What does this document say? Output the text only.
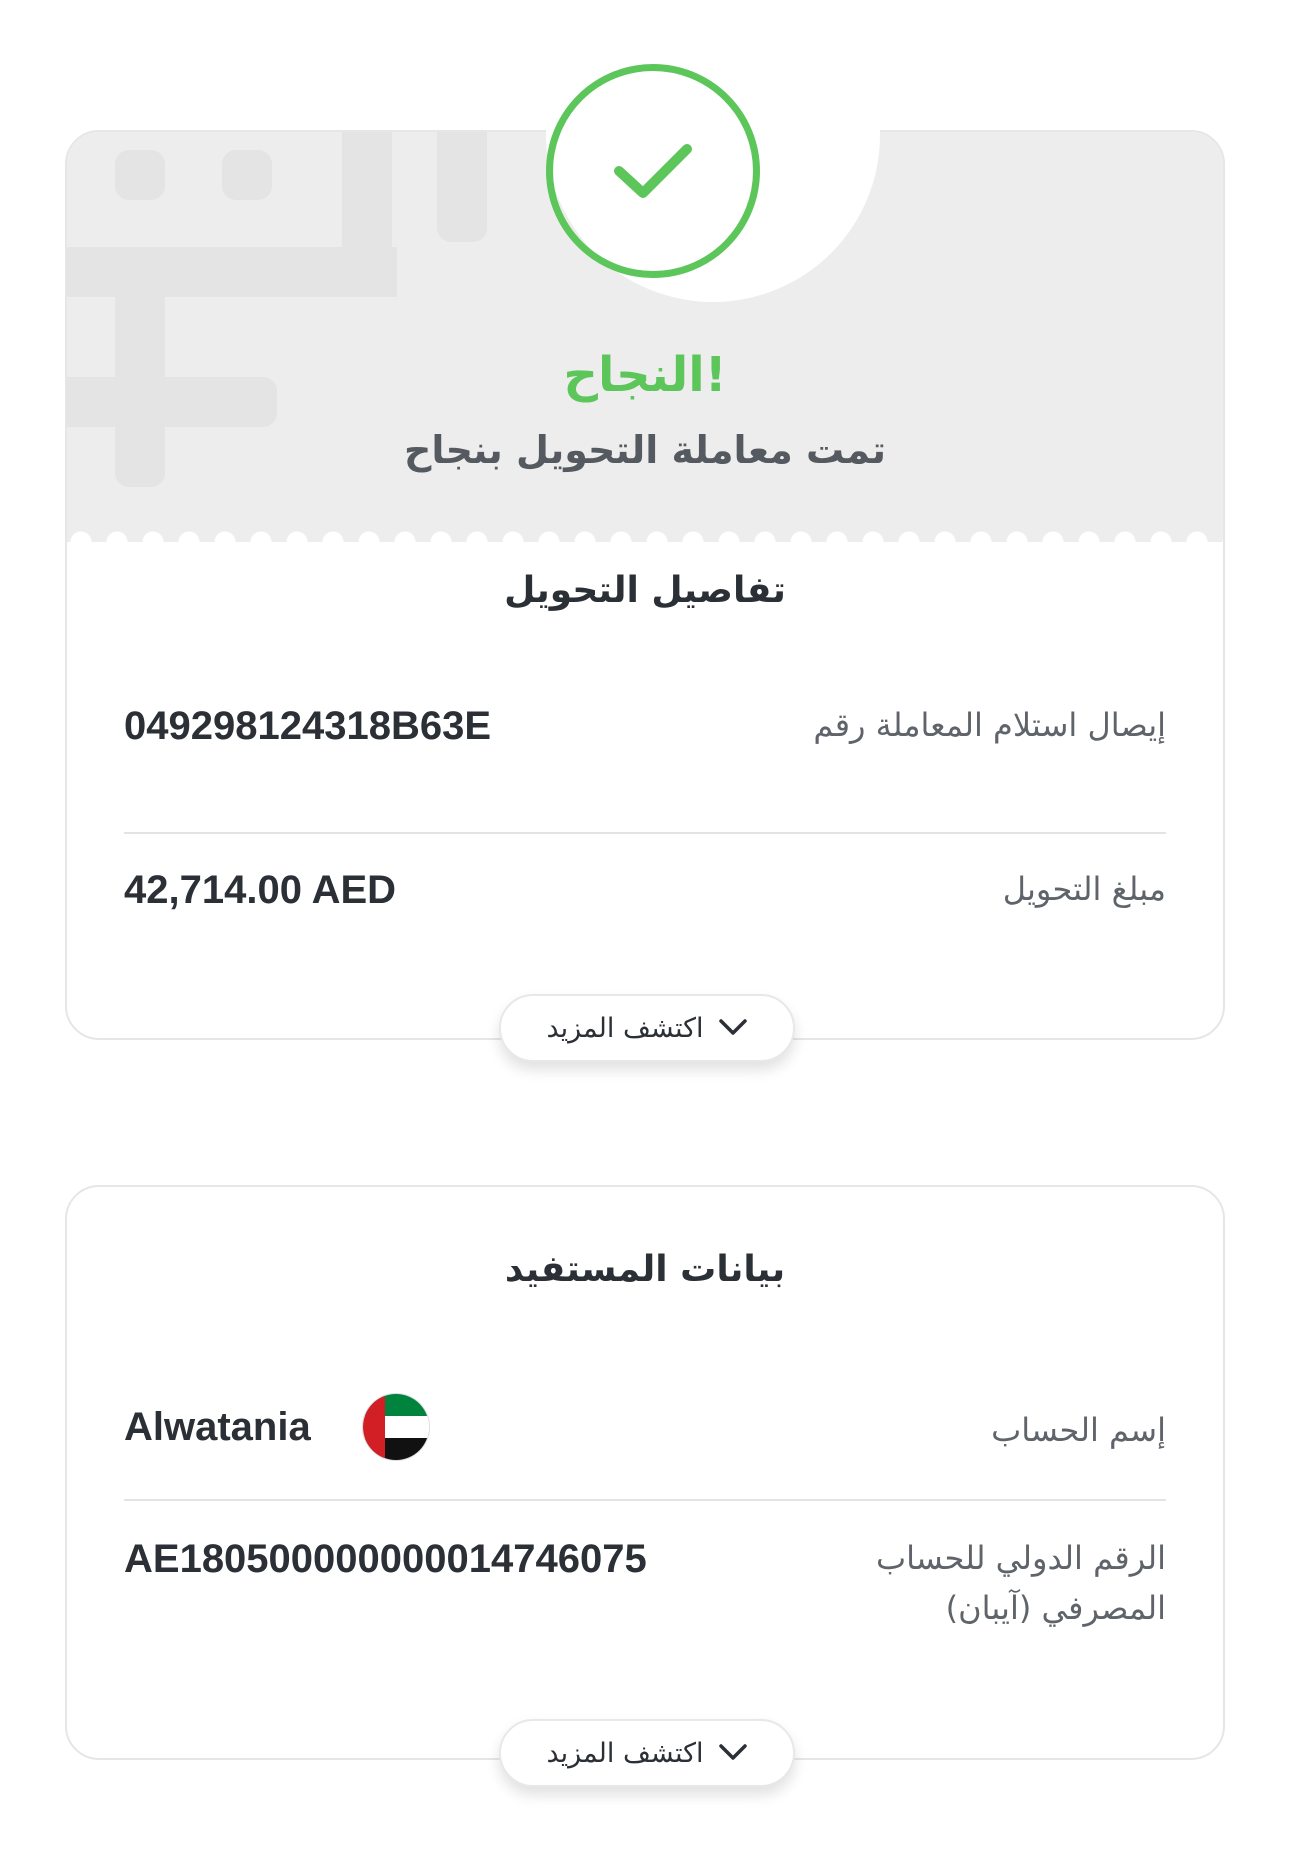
النجاح!
تمت معاملة التحويل بنجاح
تفاصيل التحويل
إيصال استلام المعاملة رقم
049298124318B63E
مبلغ التحويل
42,714.00 AED
اكتشف المزيد
بيانات المستفيد
إسم الحساب
Alwatania
الرقم الدولي للحساب المصرفي (آيبان)
AE180500000000014746075
اكتشف المزيد
